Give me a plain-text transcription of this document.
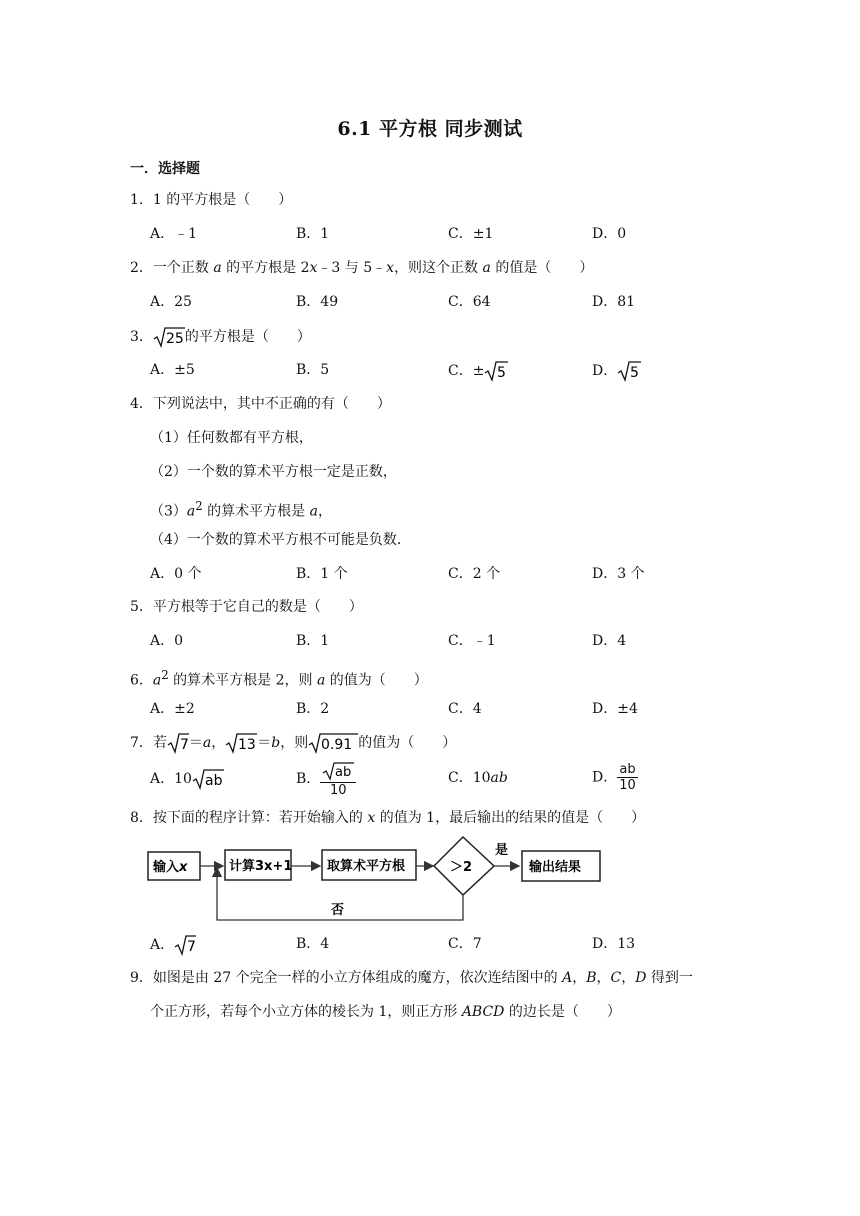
6.1 平方根 同步测试
一．选择题
1．1 的平方根是（　　）
A．﹣1	B．1	C．±1	D．0
2．一个正数 a 的平方根是 2x﹣3 与 5﹣x，则这个正数 a 的值是（　　）
A．25	B．49	C．64	D．81
3． 25 的平方根是（　　）
A．±5	B．5	C．± 5	D． 5
4．下列说法中，其中不正确的有（　　）
（1）任何数都有平方根，
（2）一个数的算术平方根一定是正数，
$(3)a^2$ 的算术平方根是 a，
（4）一个数的算术平方根不可能是负数．
A．0 个	B．1 个	C．2 个	D．3 个
5．平方根等于它自己的数是（　　）
A．0	B．1	C．﹣1	D．4
6．$a^2$ 的算术平方根是 2，则 a 的值为（　　）
A．±2	B．2	C．4	D．±4
7．若 7 ＝a， 13 ＝b，则 0.91 的值为（　　）
A．10 ab	B． $\frac{ab}{10}$	C．10ab	D． $\frac{ab}{10}$
8．按下面的程序计算：若开始输入的 x 的值为 1，最后输出的结果的值是（　　）
输入x	计算3x+1	取算术平方根	＞2
是
输出结果
否
A． 7	B．4	C．7	D．13
9．如图是由 27 个完全一样的小立方体组成的魔方，依次连结图中的 A，B，C，D 得到一
个正方形，若每个小立方体的棱长为 1，则正方形 ABCD 的边长是（　　）
